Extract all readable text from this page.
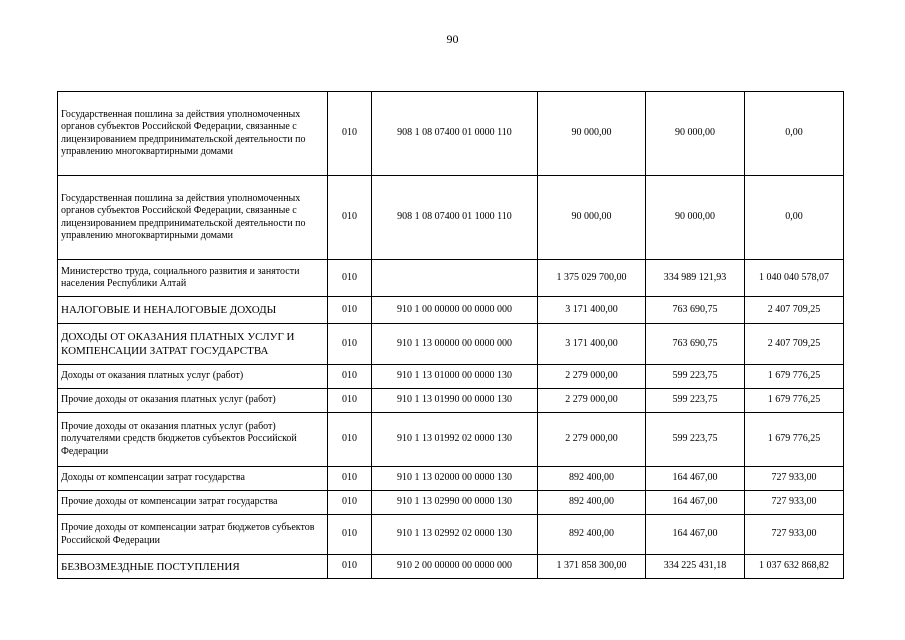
90
Государственная пошлина за действия уполномоченных органов субъектов Российской Федерации, связанные с лицензированием предпринимательской деятельности по управлению многоквартирными домами	010	908 1 08 07400 01 0000 110	90 000,00	90 000,00	0,00
Государственная пошлина за действия уполномоченных органов субъектов Российской Федерации, связанные с лицензированием предпринимательской деятельности по управлению многоквартирными домами	010	908 1 08 07400 01 1000 110	90 000,00	90 000,00	0,00
Министерство труда, социального развития и занятости населения Республики Алтай	010		1 375 029 700,00	334 989 121,93	1 040 040 578,07
НАЛОГОВЫЕ И НЕНАЛОГОВЫЕ ДОХОДЫ	010	910 1 00 00000 00 0000 000	3 171 400,00	763 690,75	2 407 709,25
ДОХОДЫ ОТ ОКАЗАНИЯ ПЛАТНЫХ УСЛУГ И КОМПЕНСАЦИИ ЗАТРАТ ГОСУДАРСТВА	010	910 1 13 00000 00 0000 000	3 171 400,00	763 690,75	2 407 709,25
Доходы от оказания платных услуг (работ)	010	910 1 13 01000 00 0000 130	2 279 000,00	599 223,75	1 679 776,25
Прочие доходы от оказания платных услуг (работ)	010	910 1 13 01990 00 0000 130	2 279 000,00	599 223,75	1 679 776,25
Прочие доходы от оказания платных услуг (работ) получателями средств бюджетов субъектов Российской Федерации	010	910 1 13 01992 02 0000 130	2 279 000,00	599 223,75	1 679 776,25
Доходы от компенсации затрат государства	010	910 1 13 02000 00 0000 130	892 400,00	164 467,00	727 933,00
Прочие доходы от компенсации затрат государства	010	910 1 13 02990 00 0000 130	892 400,00	164 467,00	727 933,00
Прочие доходы от компенсации затрат бюджетов субъектов Российской Федерации	010	910 1 13 02992 02 0000 130	892 400,00	164 467,00	727 933,00
БЕЗВОЗМЕЗДНЫЕ ПОСТУПЛЕНИЯ	010	910 2 00 00000 00 0000 000	1 371 858 300,00	334 225 431,18	1 037 632 868,82
